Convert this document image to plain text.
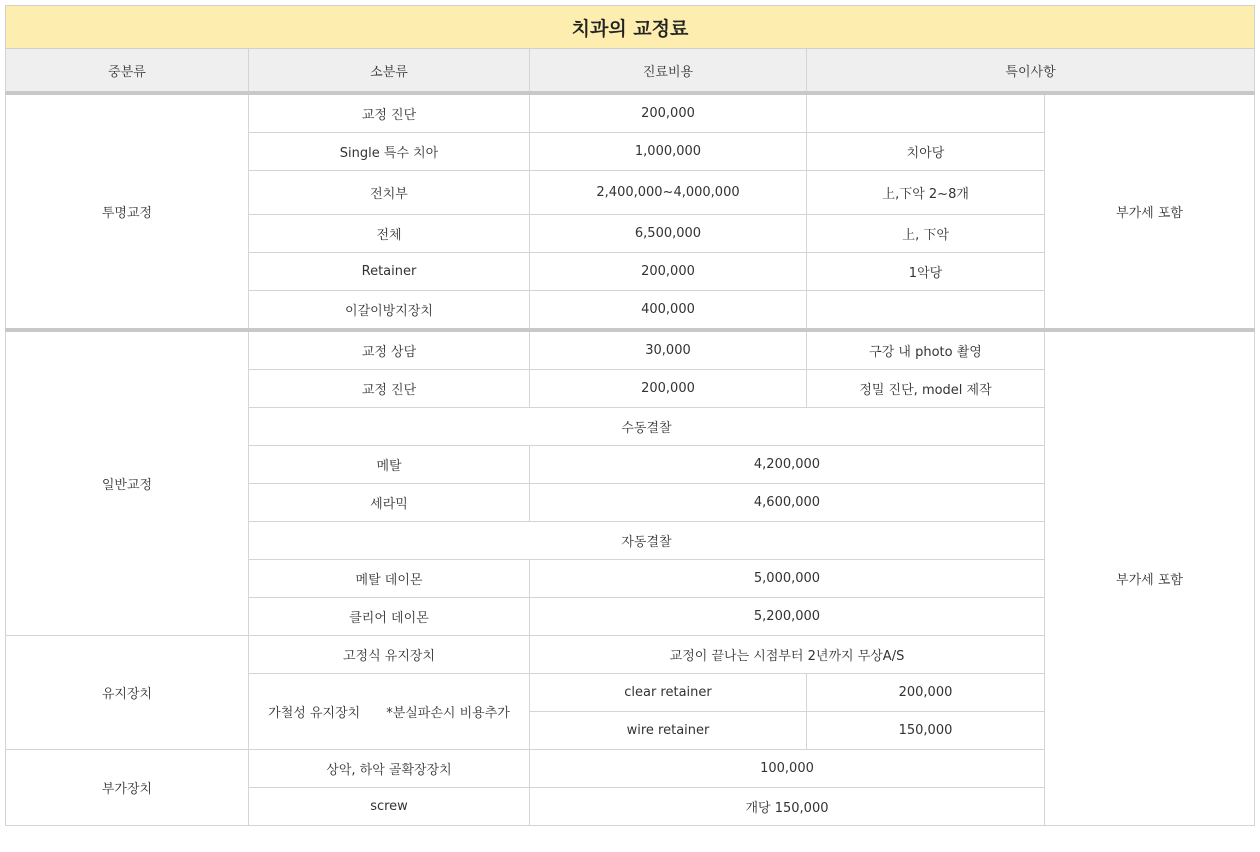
치과의 교정료				
중분류	소분류	진료비용	특이사항	
투명교정	교정 진단	200,000		부가세 포함
	Single 특수 치아	1,000,000	치아당	
	전치부	2,400,000~4,000,000	上,下악 2~8개	
	전체	6,500,000	上, 下악	
	Retainer	200,000	1악당	
	이갈이방지장치	400,000		
일반교정	교정 상담	30,000	구강 내 photo 촬영	부가세 포함
	교정 진단	200,000	정밀 진단, model 제작	
	수동결찰			
	메탈	4,200,000		
	세라믹	4,600,000		
	자동결찰			
	메탈 데이몬	5,000,000		
	클리어 데이몬	5,200,000		
유지장치	고정식 유지장치	교정이 끝나는 시점부터 2년까지 무상A/S		
	가철성 유지장치 *분실파손시 비용추가	clear retainer	200,000	
		wire retainer	150,000	
부가장치	상악, 하악 골확장장치	100,000		
	screw	개당 150,000		
